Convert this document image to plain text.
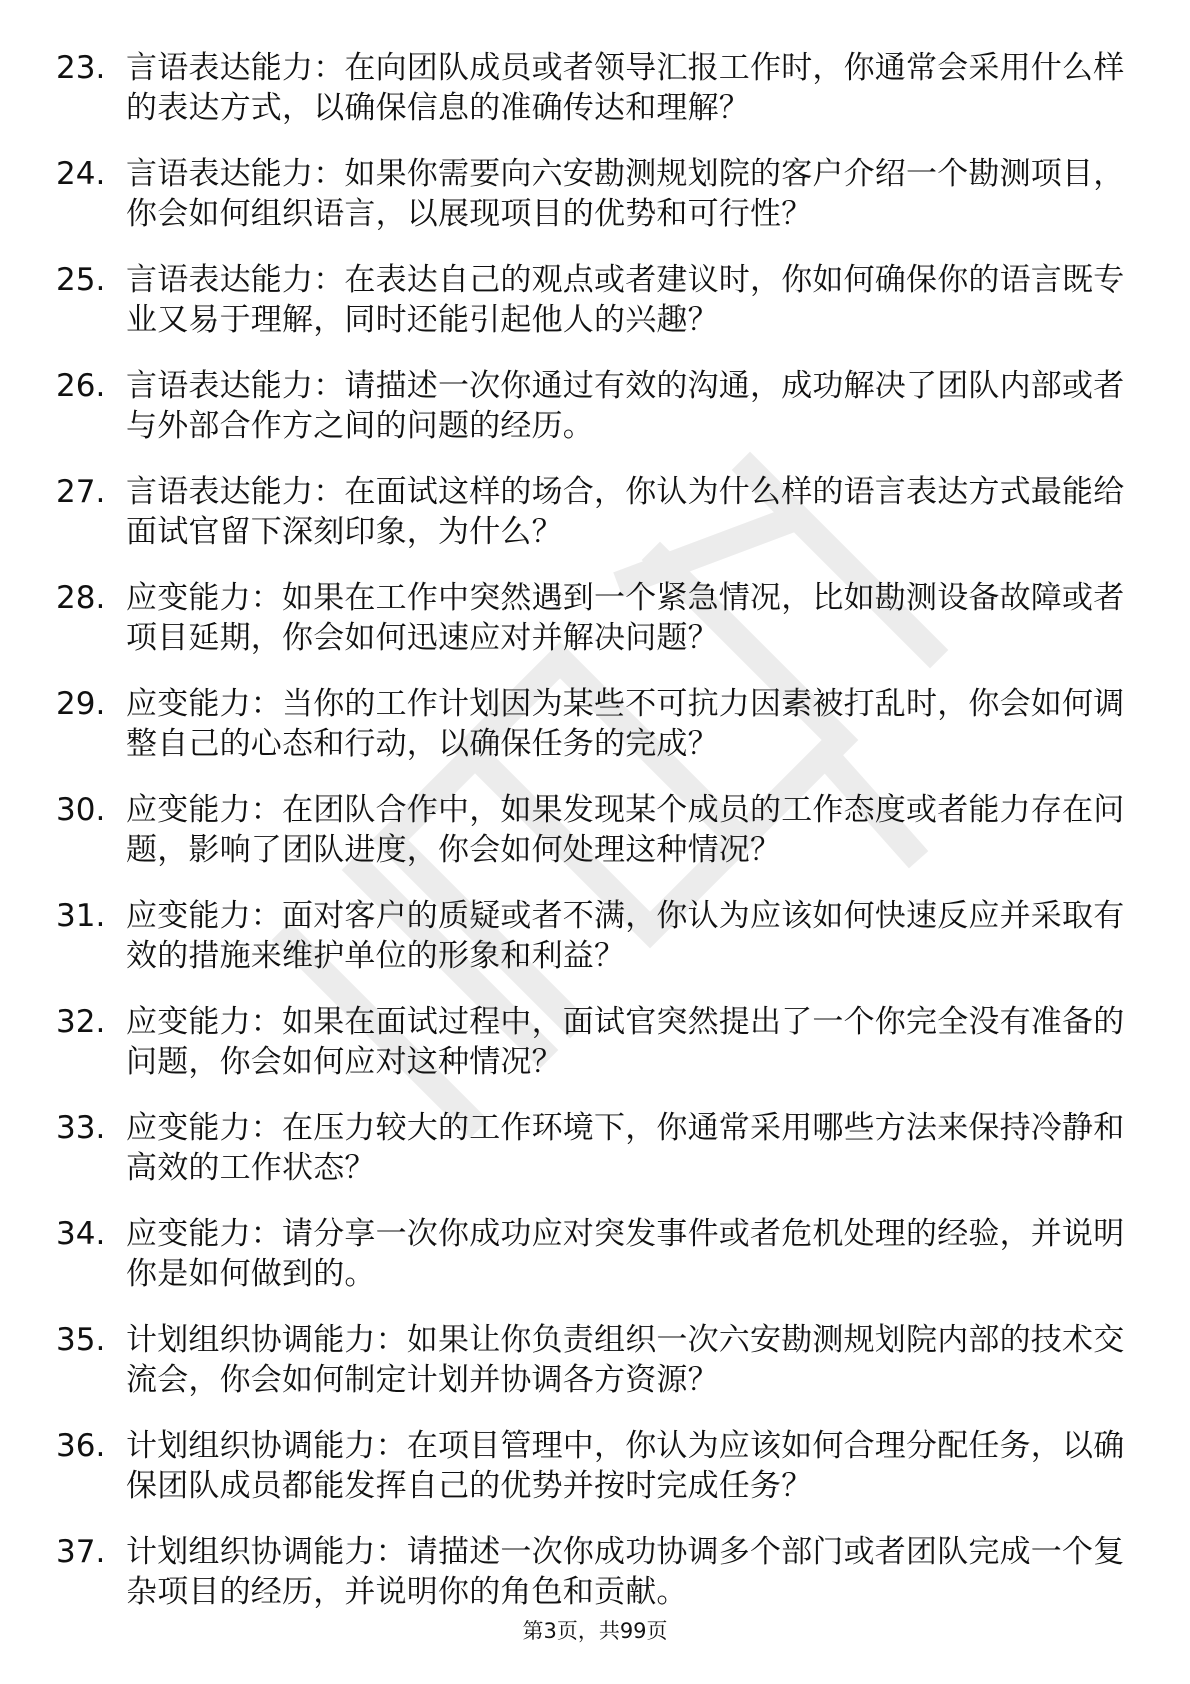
23. 言语表达能力：在向团队成员或者领导汇报工作时，你通常会采用什么样的表达方式，以确保信息的准确传达和理解？
24. 言语表达能力：如果你需要向六安勘测规划院的客户介绍一个勘测项目，你会如何组织语言，以展现项目的优势和可行性？
25. 言语表达能力：在表达自己的观点或者建议时，你如何确保你的语言既专业又易于理解，同时还能引起他人的兴趣？
26. 言语表达能力：请描述一次你通过有效的沟通，成功解决了团队内部或者与外部合作方之间的问题的经历。
27. 言语表达能力：在面试这样的场合，你认为什么样的语言表达方式最能给面试官留下深刻印象，为什么？
28. 应变能力：如果在工作中突然遇到一个紧急情况，比如勘测设备故障或者项目延期，你会如何迅速应对并解决问题？
29. 应变能力：当你的工作计划因为某些不可抗力因素被打乱时，你会如何调整自己的心态和行动，以确保任务的完成？
30. 应变能力：在团队合作中，如果发现某个成员的工作态度或者能力存在问题，影响了团队进度，你会如何处理这种情况？
31. 应变能力：面对客户的质疑或者不满，你认为应该如何快速反应并采取有效的措施来维护单位的形象和利益？
32. 应变能力：如果在面试过程中，面试官突然提出了一个你完全没有准备的问题，你会如何应对这种情况？
33. 应变能力：在压力较大的工作环境下，你通常采用哪些方法来保持冷静和高效的工作状态？
34. 应变能力：请分享一次你成功应对突发事件或者危机处理的经验，并说明你是如何做到的。
35. 计划组织协调能力：如果让你负责组织一次六安勘测规划院内部的技术交流会，你会如何制定计划并协调各方资源？
36. 计划组织协调能力：在项目管理中，你认为应该如何合理分配任务，以确保团队成员都能发挥自己的优势并按时完成任务？
37. 计划组织协调能力：请描述一次你成功协调多个部门或者团队完成一个复杂项目的经历，并说明你的角色和贡献。
第3页，共99页
